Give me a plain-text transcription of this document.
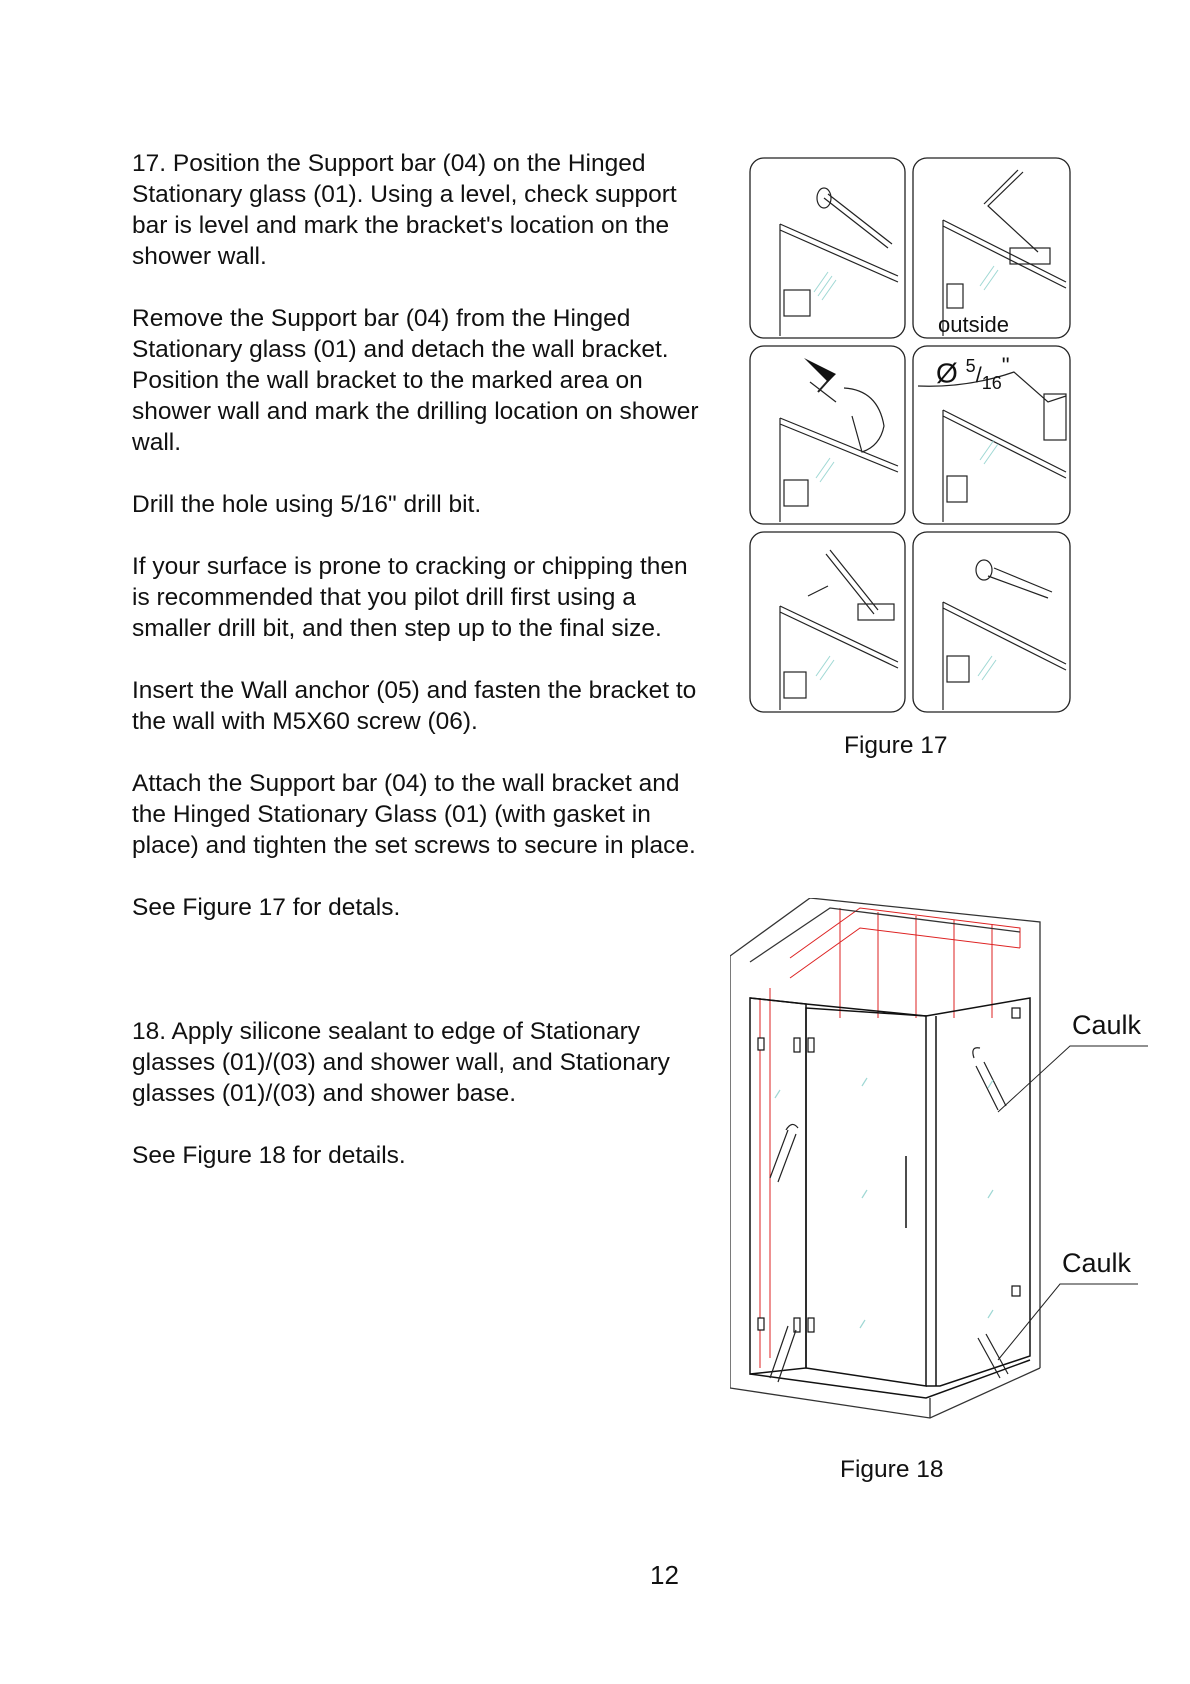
17. Position the Support bar (04) on the Hinged Stationary glass (01). Using a level, check support bar is level and mark the bracket's location on the shower wall.

Remove the Support bar (04) from the Hinged Stationary glass (01) and detach the wall bracket. Position the wall bracket to the marked area on shower wall and mark the drilling location on shower wall.

Drill the hole using 5/16" drill bit.

If your surface is prone to cracking or chipping then is recommended that you pilot drill first using a smaller drill bit, and then step up to the final size.

Insert the Wall anchor (05) and fasten the bracket to the wall with M5X60 screw (06).

Attach the Support bar (04) to the wall bracket and the Hinged Stationary Glass (01) (with gasket in place) and tighten the set screws to secure in place.

See Figure 17 for detals.

18. Apply silicone sealant to edge of Stationary glasses (01)/(03) and shower wall, and Stationary glasses (01)/(03) and shower base.

See Figure 18 for details.

outside
Ø $^5/_{16}^"$
Figure 17
Caulk
Caulk
Figure 18
12
